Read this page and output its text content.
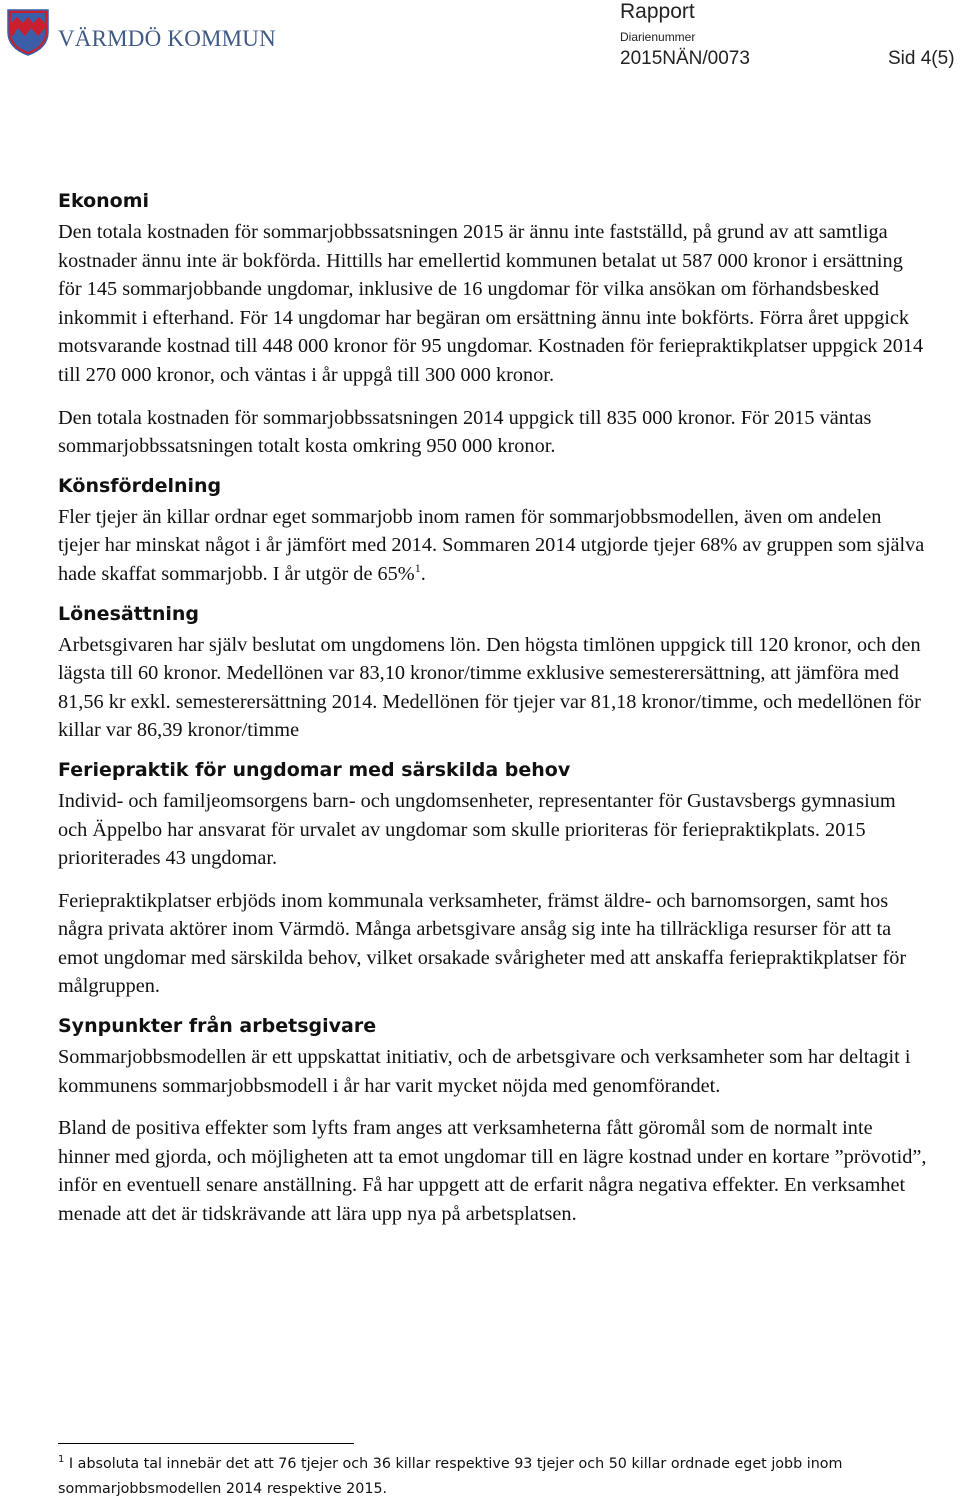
VÄRMDÖ KOMMUN
Rapport
Diarienummer
2015NÄN/0073	Sid 4(5)
Ekonomi

Den totala kostnaden för sommarjobbssatsningen 2015 är ännu inte fastställd, på grund av att samtliga kostnader ännu inte är bokförda. Hittills har emellertid kommunen betalat ut 587 000 kronor i ersättning för 145 sommarjobbande ungdomar, inklusive de 16 ungdomar för vilka ansökan om förhandsbesked inkommit i efterhand. För 14 ungdomar har begäran om ersättning ännu inte bokförts. Förra året uppgick motsvarande kostnad till 448 000 kronor för 95 ungdomar. Kostnaden för feriepraktikplatser uppgick 2014 till 270 000 kronor, och väntas i år uppgå till 300 000 kronor.

Den totala kostnaden för sommarjobbssatsningen 2014 uppgick till 835 000 kronor. För 2015 väntas sommarjobbssatsningen totalt kosta omkring 950 000 kronor.

Könsfördelning

Fler tjejer än killar ordnar eget sommarjobb inom ramen för sommarjobbsmodellen, även om andelen tjejer har minskat något i år jämfört med 2014. Sommaren 2014 utgjorde tjejer 68% av gruppen som själva hade skaffat sommarjobb. I år utgör de 65%$^1$.

Lönesättning

Arbetsgivaren har själv beslutat om ungdomens lön. Den högsta timlönen uppgick till 120 kronor, och den lägsta till 60 kronor. Medellönen var 83,10 kronor/timme exklusive semesterersättning, att jämföra med 81,56 kr exkl. semesterersättning 2014. Medellönen för tjejer var 81,18 kronor/timme, och medellönen för killar var 86,39 kronor/timme

Feriepraktik för ungdomar med särskilda behov

Individ- och familjeomsorgens barn- och ungdomsenheter, representanter för Gustavsbergs gymnasium och Äppelbo har ansvarat för urvalet av ungdomar som skulle prioriteras för feriepraktikplats. 2015 prioriterades 43 ungdomar.

Feriepraktikplatser erbjöds inom kommunala verksamheter, främst äldre- och barnomsorgen, samt hos några privata aktörer inom Värmdö. Många arbetsgivare ansåg sig inte ha tillräckliga resurser för att ta emot ungdomar med särskilda behov, vilket orsakade svårigheter med att anskaffa feriepraktikplatser för målgruppen.

Synpunkter från arbetsgivare

Sommarjobbsmodellen är ett uppskattat initiativ, och de arbetsgivare och verksamheter som har deltagit i kommunens sommarjobbsmodell i år har varit mycket nöjda med genomförandet.

Bland de positiva effekter som lyfts fram anges att verksamheterna fått göromål som de normalt inte hinner med gjorda, och möjligheten att ta emot ungdomar till en lägre kostnad under en kortare ”prövotid”, inför en eventuell senare anställning. Få har uppgett att de erfarit några negativa effekter. En verksamhet menade att det är tidskrävande att lära upp nya på arbetsplatsen.

$^1$ I absoluta tal innebär det att 76 tjejer och 36 killar respektive 93 tjejer och 50 killar ordnade eget jobb inom sommarjobbsmodellen 2014 respektive 2015.
